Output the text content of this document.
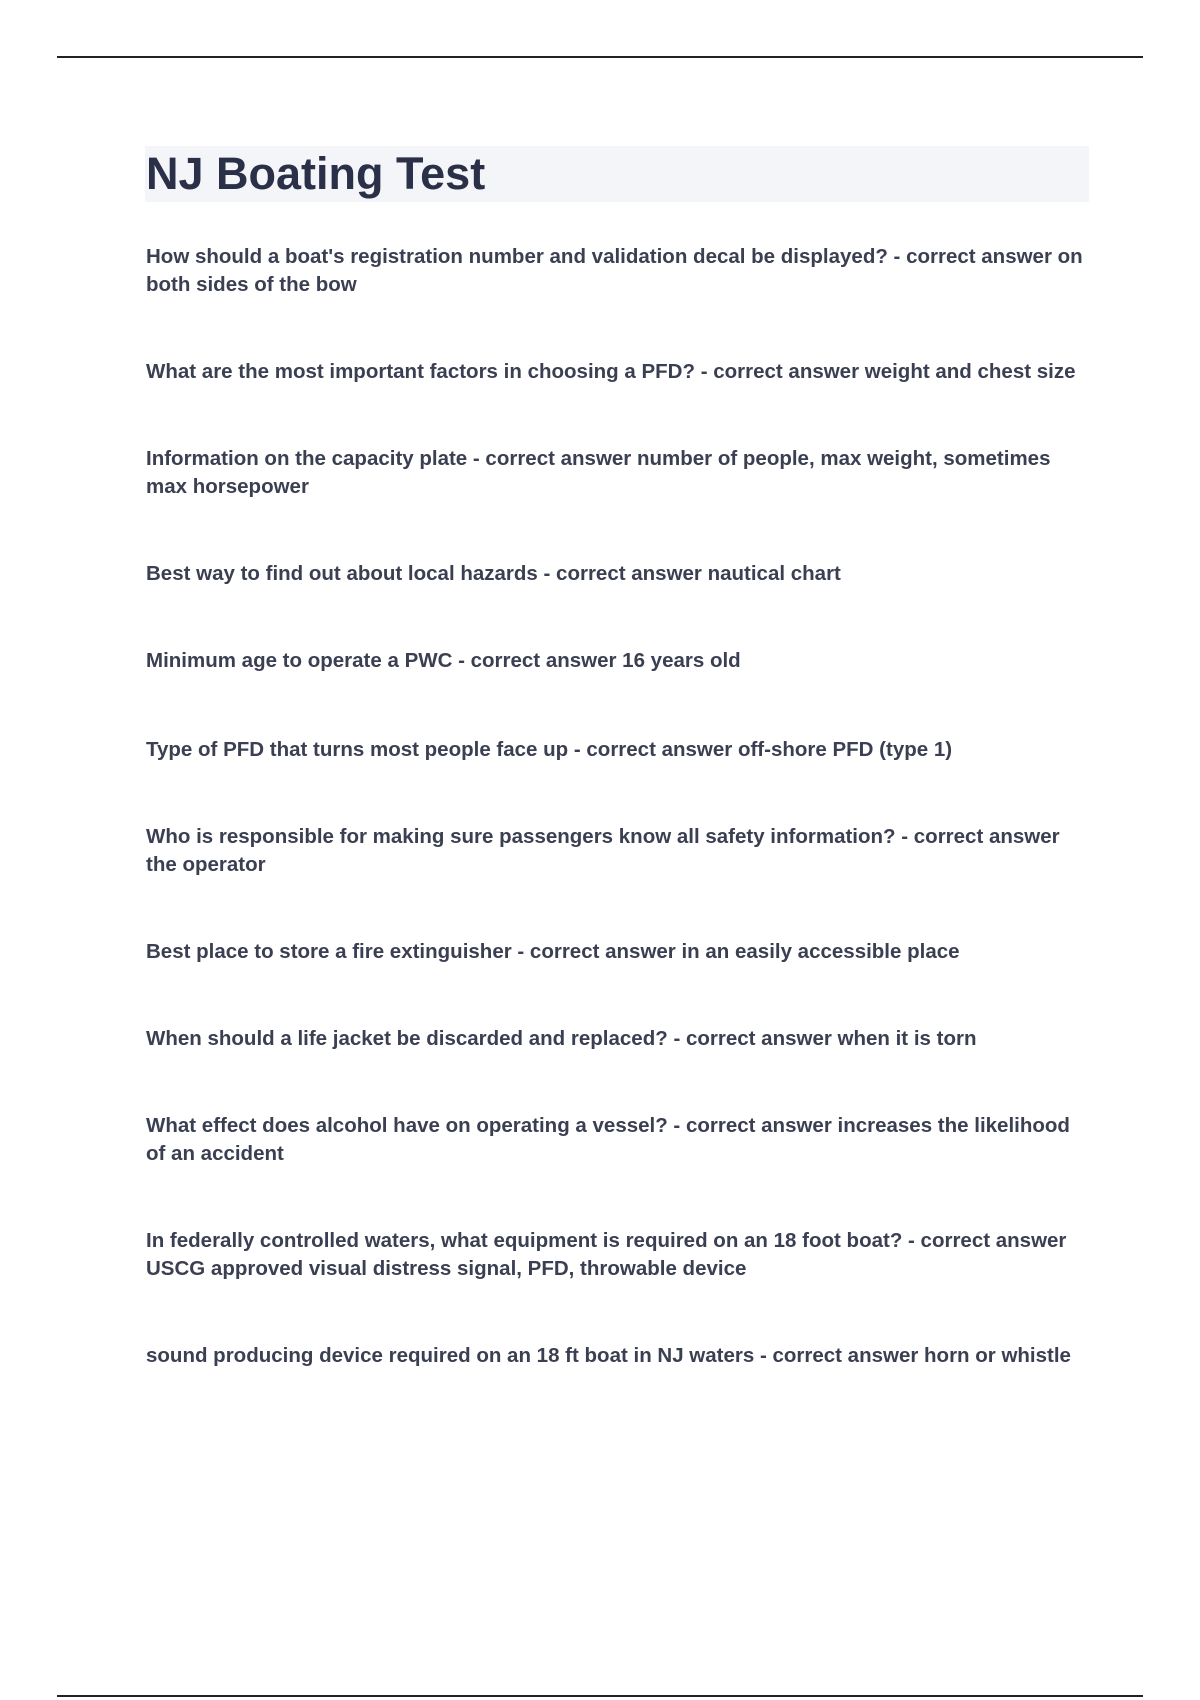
NJ Boating Test
How should a boat's registration number and validation decal be displayed? - correct answer on both sides of the bow
What are the most important factors in choosing a PFD? - correct answer weight and chest size
Information on the capacity plate - correct answer number of people, max weight, sometimes max horsepower
Best way to find out about local hazards - correct answer nautical chart
Minimum age to operate a PWC - correct answer 16 years old
Type of PFD that turns most people face up - correct answer off-shore PFD (type 1)
Who is responsible for making sure passengers know all safety information? - correct answer the operator
Best place to store a fire extinguisher - correct answer in an easily accessible place
When should a life jacket be discarded and replaced? - correct answer when it is torn
What effect does alcohol have on operating a vessel? - correct answer increases the likelihood of an accident
In federally controlled waters, what equipment is required on an 18 foot boat? - correct answer USCG approved visual distress signal, PFD, throwable device
sound producing device required on an 18 ft boat in NJ waters - correct answer horn or whistle
